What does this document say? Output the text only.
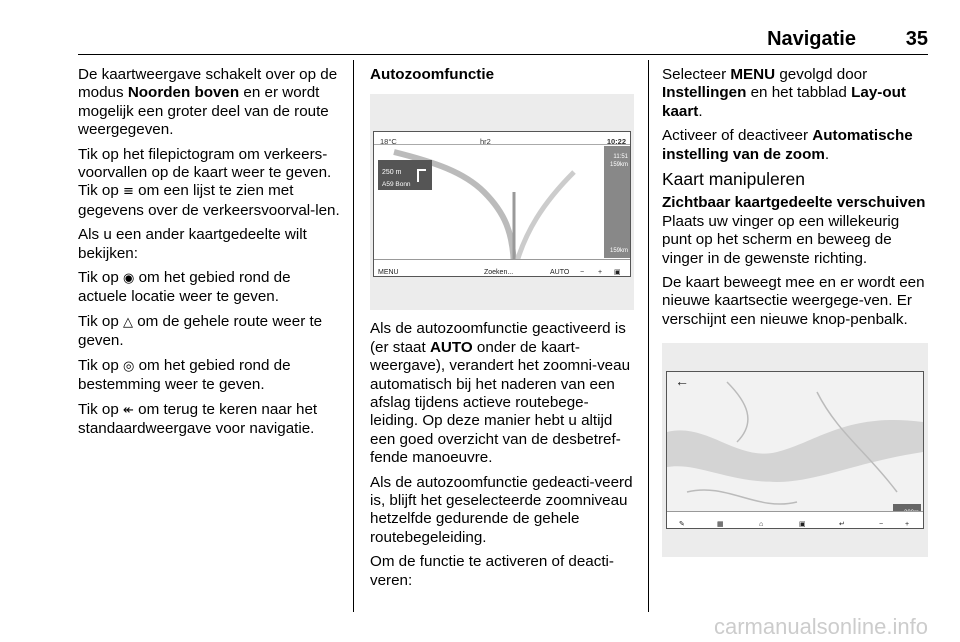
Navigatie 35

De kaartweergave schakelt over op de modus Noorden boven en er wordt mogelijk een groter deel van de route weergegeven.

Tik op het filepictogram om verkeers-voorvallen op de kaart weer te geven. Tik op ≡ om een lijst te zien met gegevens over de verkeersvoorval-len.

Als u een ander kaartgedeelte wilt bekijken:

Tik op ◉ om het gebied rond de actuele locatie weer te geven.

Tik op △ om de gehele route weer te geven.

Tik op ◎ om het gebied rond de bestemming weer te geven.

Tik op ↞ om terug te keren naar het standaardweergave voor navigatie.

Autozoomfunctie

18°C	hr2	10:22
250 m
A59 Bonn
11:51
159km
159km
MENU	Zoeken...	AUTO − + ▣

Als de autozoomfunctie geactiveerd is (er staat AUTO onder de kaart-weergave), verandert het zoomni-veau automatisch bij het naderen van een afslag tijdens actieve routebege-leiding. Op deze manier hebt u altijd een goed overzicht van de desbetref-fende manoeuvre.

Als de autozoomfunctie gedeacti-veerd is, blijft het geselecteerde zoomniveau hetzelfde gedurende de gehele routebegeleiding.

Om de functie te activeren of deacti-veren:

Selecteer MENU gevolgd door Instellingen en het tabblad Lay-out kaart.

Activeer of deactiveer Automatische instelling van de zoom.

Kaart manipuleren

Zichtbaar kaartgedeelte verschuiven

Plaats uw vinger op een willekeurig punt op het scherm en beweeg de vinger in de gewenste richting.

De kaart beweegt mee en er wordt een nieuwe kaartsectie weergege-ven. Er verschijnt een nieuwe knop-penbalk.

←
✎	▦	⌂	▣	↵	−	+
carmanualsonline.info
